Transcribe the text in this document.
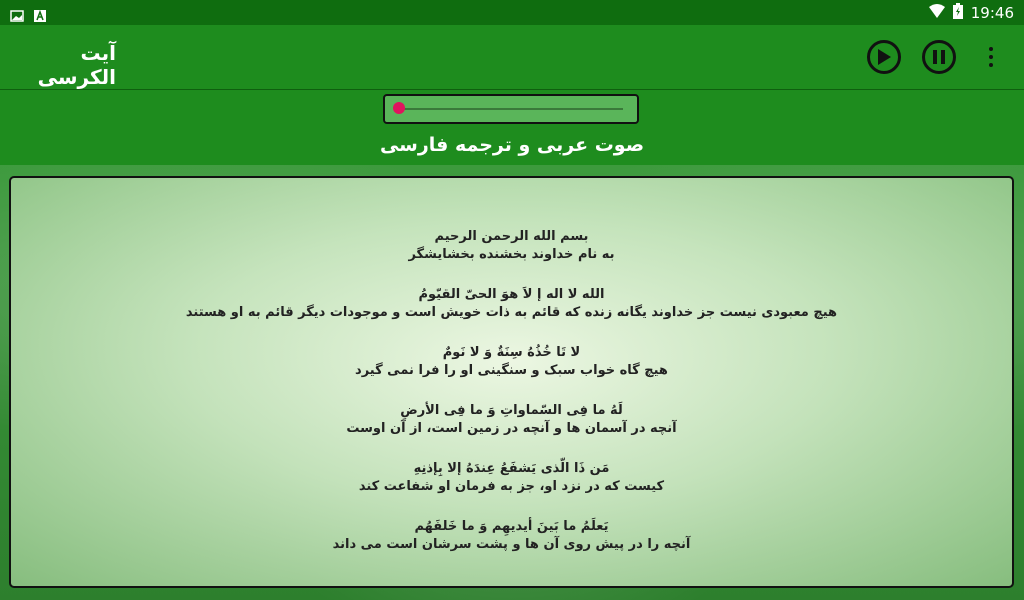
19:46
آیت الکرسی
صوت عربی و ترجمه فارسی
بسم الله الرحمن الرحیم
به نام خداوند بخشنده بخشایشگر
الله لا اله إ لاَ هوَ الحیّ القیّومُ
هیچ معبودی نیست جز خداوند یگانه زنده که قائم به ذات خویش است و موجودات دیگر قائم به او هستند
لا تَا خُذُهُ سِنَةٌ وَ لا نَومٌ
هیچ گاه خواب سبک و سنگینی او را فرا نمی گیرد
لَهُ ما فِی السّماواتِ وَ ما فِی الأرضِ
آنچه در آسمان ها و آنچه در زمین است، از آن اوست
مَن ذَا الّذی یَشفَعُ عِندَهُ إلا بِإذنِهِ
کیست که در نزد او، جز به فرمان او شفاعت کند
یَعلَمُ ما بَینَ أیدیهِم وَ ما خَلفَهُم
آنچه را در پیش روی آن ها و پشت سرشان است می داند
